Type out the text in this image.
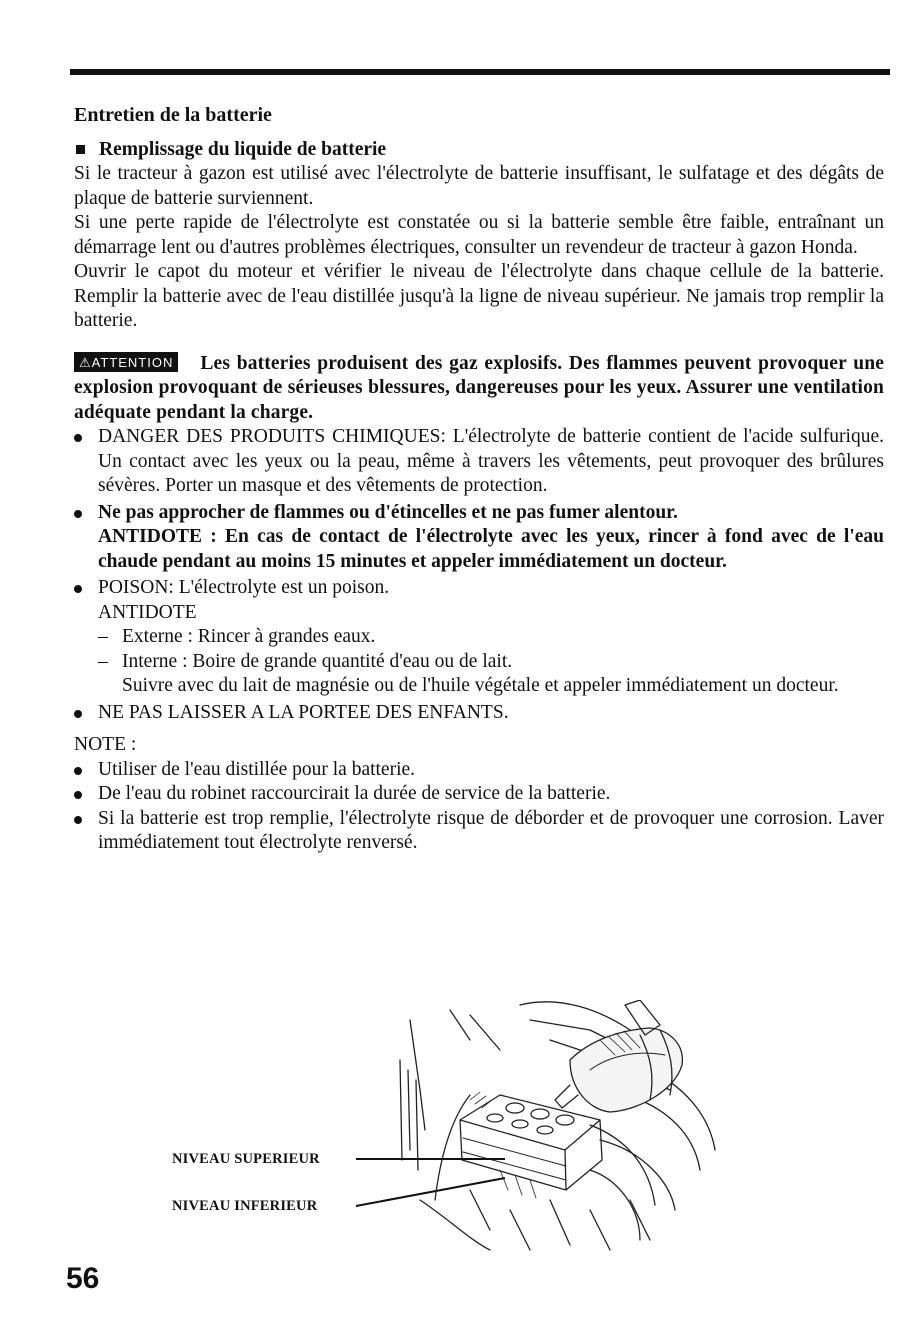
Entretien de la batterie
Remplissage du liquide de batterie

Si le tracteur à gazon est utilisé avec l'électrolyte de batterie insuffisant, le sulfatage et des dégâts de plaque de batterie surviennent.

Si une perte rapide de l'électrolyte est constatée ou si la batterie semble être faible, entraînant un démarrage lent ou d'autres problèmes électriques, consulter un revendeur de tracteur à gazon Honda.

Ouvrir le capot du moteur et vérifier le niveau de l'électrolyte dans chaque cellule de la batterie. Remplir la batterie avec de l'eau distillée jusqu'à la ligne de niveau supérieur. Ne jamais trop remplir la batterie.

⚠ATTENTION Les batteries produisent des gaz explosifs. Des flammes peuvent provoquer une explosion provoquant de sérieuses blessures, dangereuses pour les yeux. Assurer une ventilation adéquate pendant la charge.
DANGER DES PRODUITS CHIMIQUES: L'électrolyte de batterie contient de l'acide sulfurique. Un contact avec les yeux ou la peau, même à travers les vêtements, peut provoquer des brûlures sévères. Porter un masque et des vêtements de protection.
Ne pas approcher de flammes ou d'étincelles et ne pas fumer alentour.
ANTIDOTE : En cas de contact de l'électrolyte avec les yeux, rincer à fond avec de l'eau chaude pendant au moins 15 minutes et appeler immédiatement un docteur.
POISON: L'électrolyte est un poison.
ANTIDOTE
– Externe : Rincer à grandes eaux.
– Interne : Boire de grande quantité d'eau ou de lait.
Suivre avec du lait de magnésie ou de l'huile végétale et appeler immédiatement un docteur.
NE PAS LAISSER A LA PORTEE DES ENFANTS.
NOTE :
Utiliser de l'eau distillée pour la batterie.
De l'eau du robinet raccourcirait la durée de service de la batterie.
Si la batterie est trop remplie, l'électrolyte risque de déborder et de provoquer une corrosion. Laver immédiatement tout électrolyte renversé.
NIVEAU SUPERIEUR
NIVEAU INFERIEUR
56
